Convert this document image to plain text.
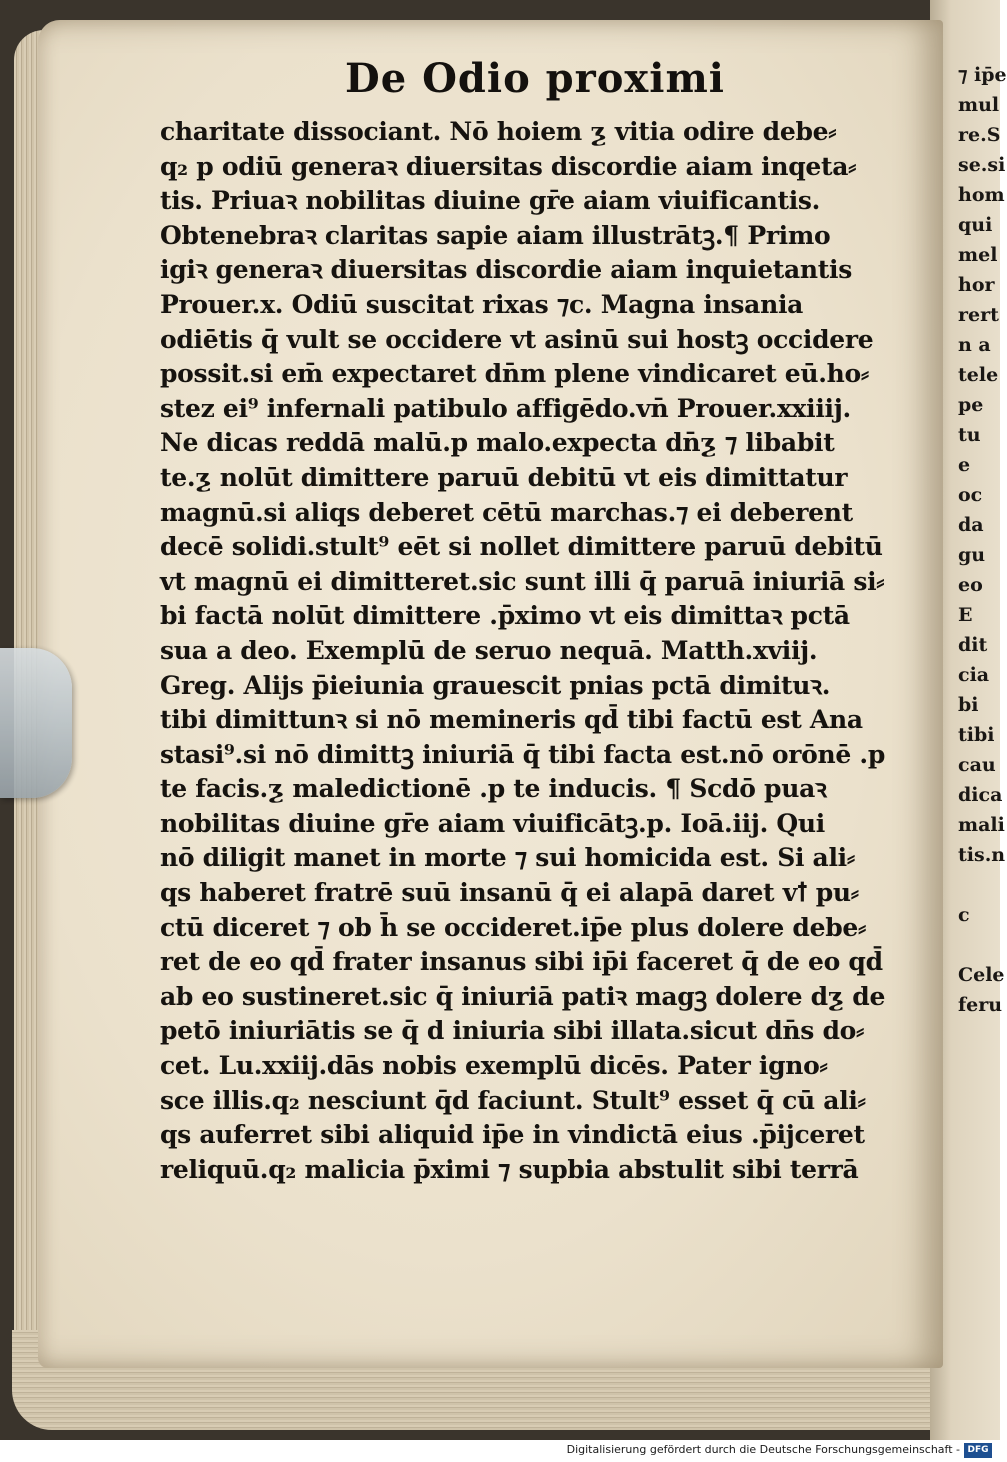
⁊ ip̄e
mul
re.S
se.si
hom
qui
mel
hor
rert
n a
tele
pe
tu
e
oc
da
gu
eo
E
dit
cia
bi
tibi
cau
dica
mali
tis.n

c

Cele
feru
De Odio proximi
charitate dissociant. Nō hoiem ƺ vitia odire debe⸗
q₂ p odiū generaꝛ diuersitas discordie aiam inqeta⸗
tis. Priuaꝛ nobilitas diuine gr̄e aiam viuificantis.
Obtenebraꝛ claritas sapie aiam illustrātꝫ.¶ Primo
igiꝛ generaꝛ diuersitas discordie aiam inquietantis
Prouer.x. Odiū suscitat rixas ⁊c. Magna insania
odiētis q̄ vult se occidere vt asinū sui hostꝫ occidere
possit.si em̄ expectaret dn̄m plene vindicaret eū.ho⸗
stez ei⁹ infernali patibulo affigēdo.vn̄ Prouer.xxiiij.
Ne dicas reddā malū.p malo.expecta dn̄ƺ ⁊ libabit
te.ƺ nolūt dimittere paruū debitū vt eis dimittatur
magnū.si aliqs deberet cētū marchas.⁊ ei deberent
decē solidi.stult⁹ eēt si nollet dimittere paruū debitū
vt magnū ei dimitteret.sic sunt illi q̄ paruā iniuriā si⸗
bi factā nolūt dimittere .p̄ximo vt eis dimittaꝛ pctā
sua a deo. Exemplū de seruo nequā. Matth.xviij.
Greg. Alijs p̄ieiunia grauescit pnias pctā dimituꝛ.
tibi dimittunꝛ si nō memineris qd̄ tibi factū est Ana
stasi⁹.si nō dimittꝫ iniuriā q̄ tibi facta est.nō orōnē .p
te facis.ƺ maledictionē .p te inducis. ¶ Scdō puaꝛ
nobilitas diuine gr̄e aiam viuificātꝫ.p. Ioā.iij. Qui
nō diligit manet in morte ⁊ sui homicida est. Si ali⸗
qs haberet fratrē suū insanū q̄ ei alapā daret vꝉ pu⸗
ctū diceret ⁊ ob h̄ se occideret.ip̄e plus dolere debe⸗
ret de eo qd̄ frater insanus sibi ip̄i faceret q̄ de eo qd̄
ab eo sustineret.sic q̄ iniuriā patiꝛ magꝫ dolere dƺ de
petō iniuriātis se q̄ d iniuria sibi illata.sicut dn̄s do⸗
cet. Lu.xxiij.dās nobis exemplū dicēs. Pater igno⸗
sce illis.q₂ nesciunt q̄d faciunt. Stult⁹ esset q̄ cū ali⸗
qs auferret sibi aliquid ip̄e in vindictā eius .p̄ijceret
reliquū.q₂ malicia p̄ximi ⁊ supbia abstulit sibi terrā
Digitalisierung gefördert durch die Deutsche Forschungsgemeinschaft - DFG
